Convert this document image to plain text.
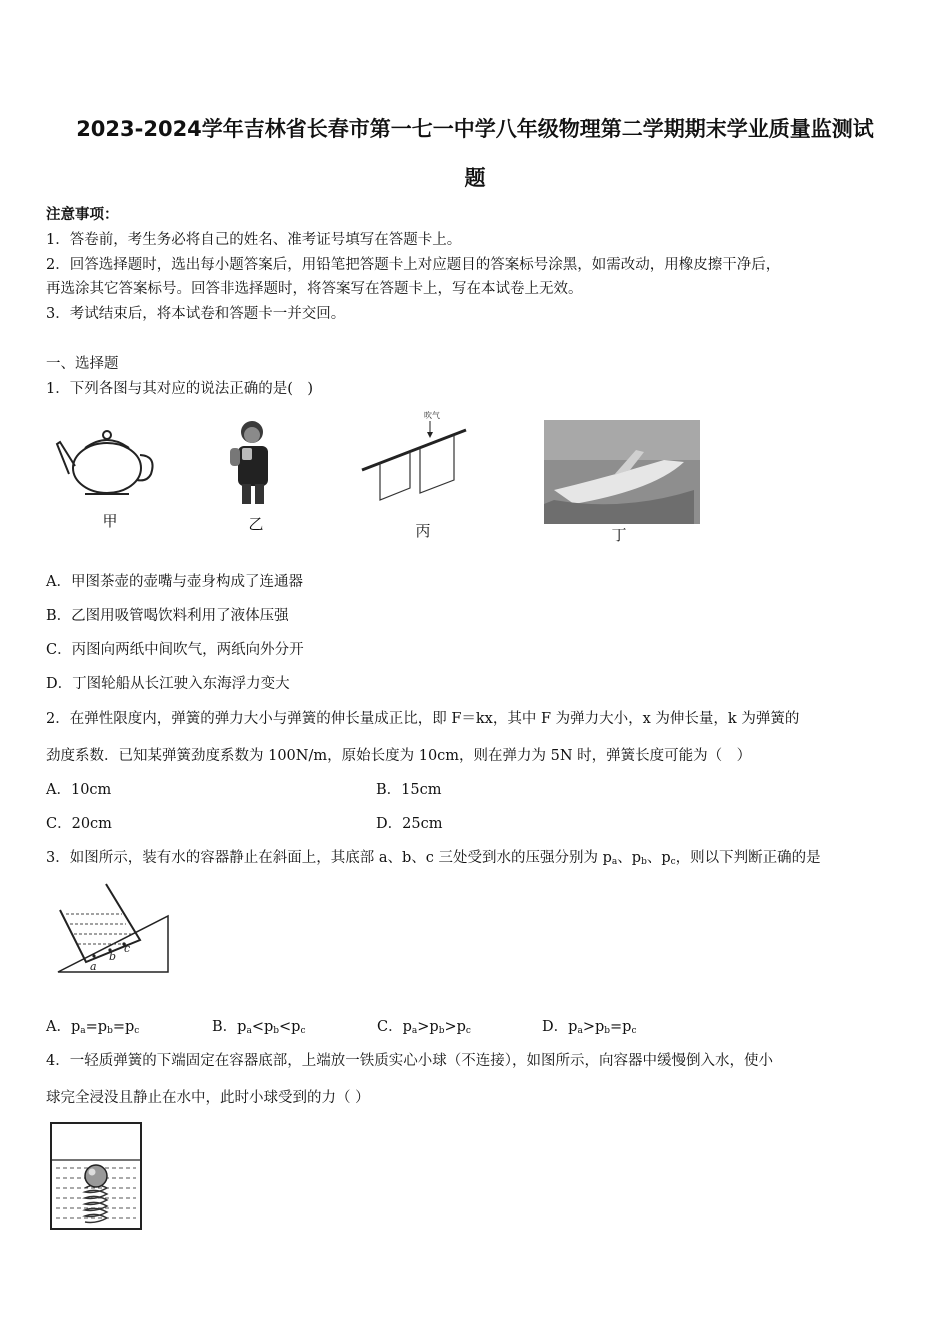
2023-2024学年吉林省长春市第一七一中学八年级物理第二学期期末学业质量监测试
题
注意事项：
1．答卷前，考生务必将自己的姓名、准考证号填写在答题卡上。
2．回答选择题时，选出每小题答案后，用铅笔把答题卡上对应题目的答案标号涂黑，如需改动，用橡皮擦干净后，
再选涂其它答案标号。回答非选择题时，将答案写在答题卡上，写在本试卷上无效。
3．考试结束后，将本试卷和答题卡一并交回。
一、选择题
1．下列各图与其对应的说法正确的是(　)
甲	乙
吹气
丙	丁
A．甲图茶壶的壶嘴与壶身构成了连通器
B．乙图用吸管喝饮料利用了液体压强
C．丙图向两纸中间吹气，两纸向外分开
D．丁图轮船从长江驶入东海浮力变大
2．在弹性限度内，弹簧的弹力大小与弹簧的伸长量成正比，即 F＝kx，其中 F 为弹力大小，x 为伸长量，k 为弹簧的
劲度系数．已知某弹簧劲度系数为 100N/m，原始长度为 10cm，则在弹力为 5N 时，弹簧长度可能为（　）
A．10cm	B．15cm
C．20cm	D．25cm
3．如图所示，装有水的容器静止在斜面上，其底部 a、b、c 三处受到水的压强分别为 $p_a$、$p_b$、$p_c$，则以下判断正确的是
a
b
c
A．$p_a=p_b=p_c$	B．$p_a<p_b<p_c$	C．$p_a>p_b>p_c$	D．$p_a>p_b=p_c$
4．一轻质弹簧的下端固定在容器底部，上端放一铁质实心小球（不连接），如图所示，向容器中缓慢倒入水，使小
球完全浸没且静止在水中，此时小球受到的力（ ）
